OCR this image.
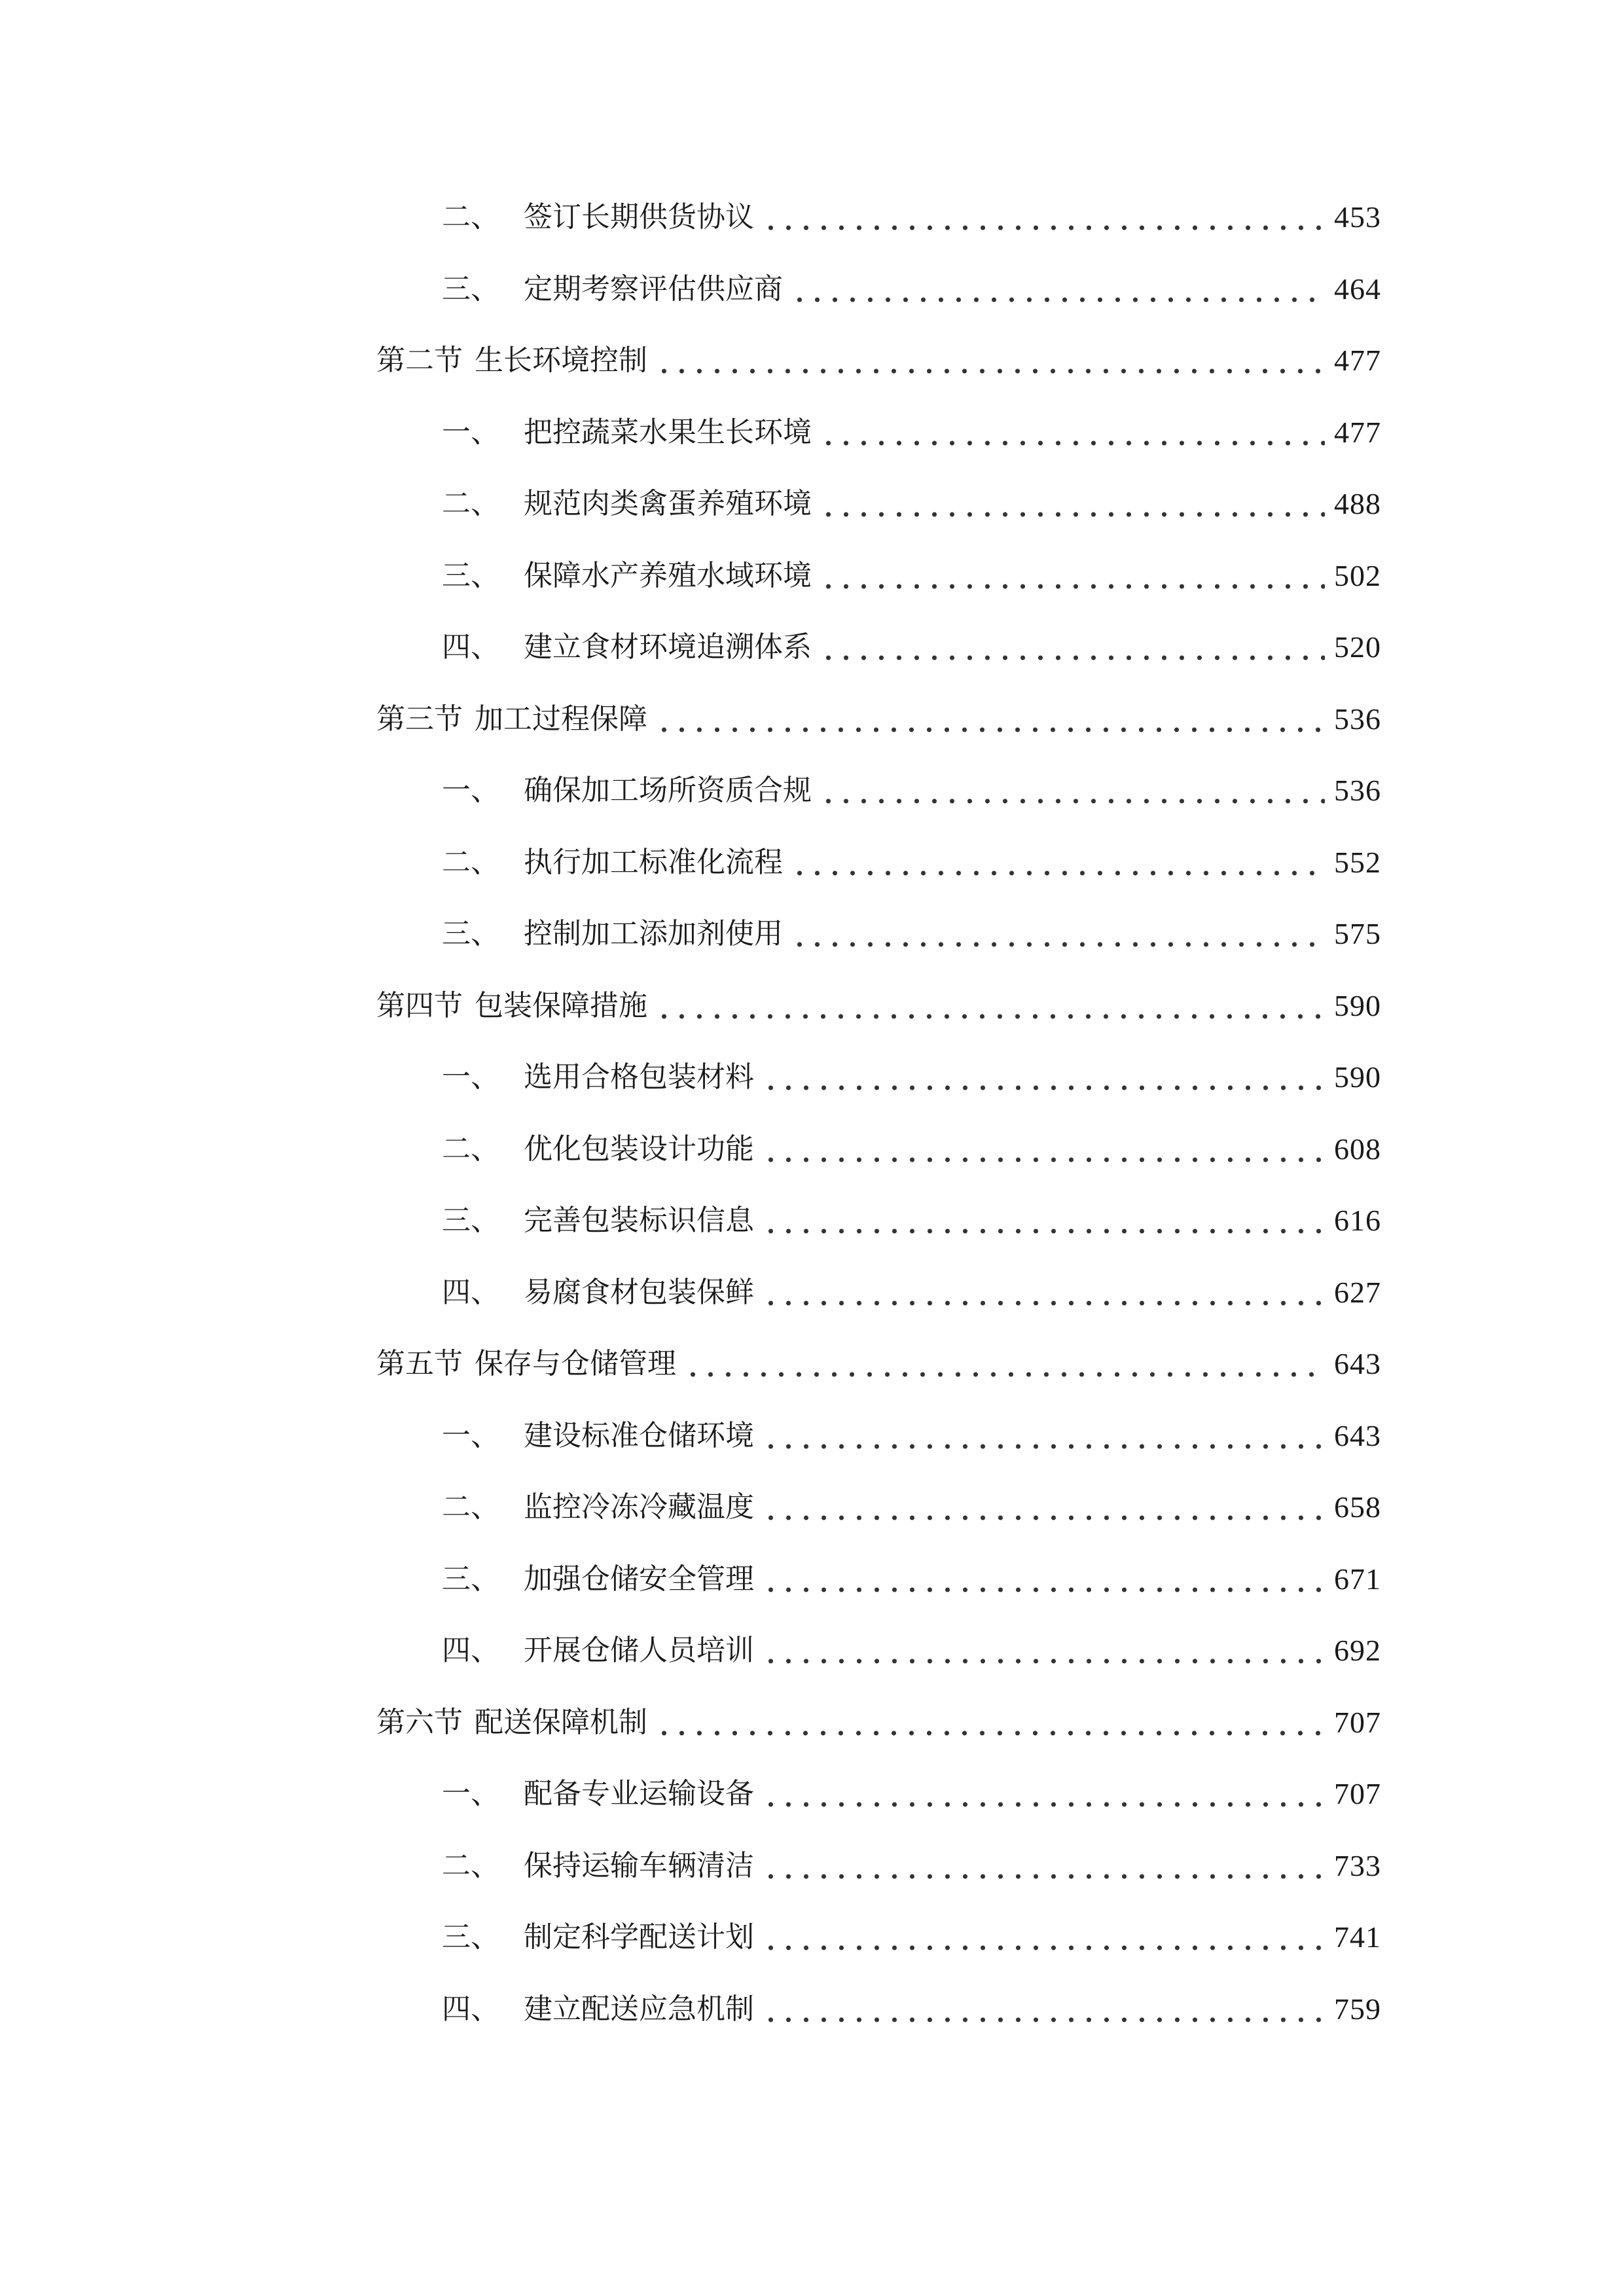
二、 签订长期供货协议	453
三、 定期考察评估供应商	464
第二节 生长环境控制	477
一、 把控蔬菜水果生长环境	477
二、 规范肉类禽蛋养殖环境	488
三、 保障水产养殖水域环境	502
四、 建立食材环境追溯体系	520
第三节 加工过程保障	536
一、 确保加工场所资质合规	536
二、 执行加工标准化流程	552
三、 控制加工添加剂使用	575
第四节 包装保障措施	590
一、 选用合格包装材料	590
二、 优化包装设计功能	608
三、 完善包装标识信息	616
四、 易腐食材包装保鲜	627
第五节 保存与仓储管理	643
一、 建设标准仓储环境	643
二、 监控冷冻冷藏温度	658
三、 加强仓储安全管理	671
四、 开展仓储人员培训	692
第六节 配送保障机制	707
一、 配备专业运输设备	707
二、 保持运输车辆清洁	733
三、 制定科学配送计划	741
四、 建立配送应急机制	759
